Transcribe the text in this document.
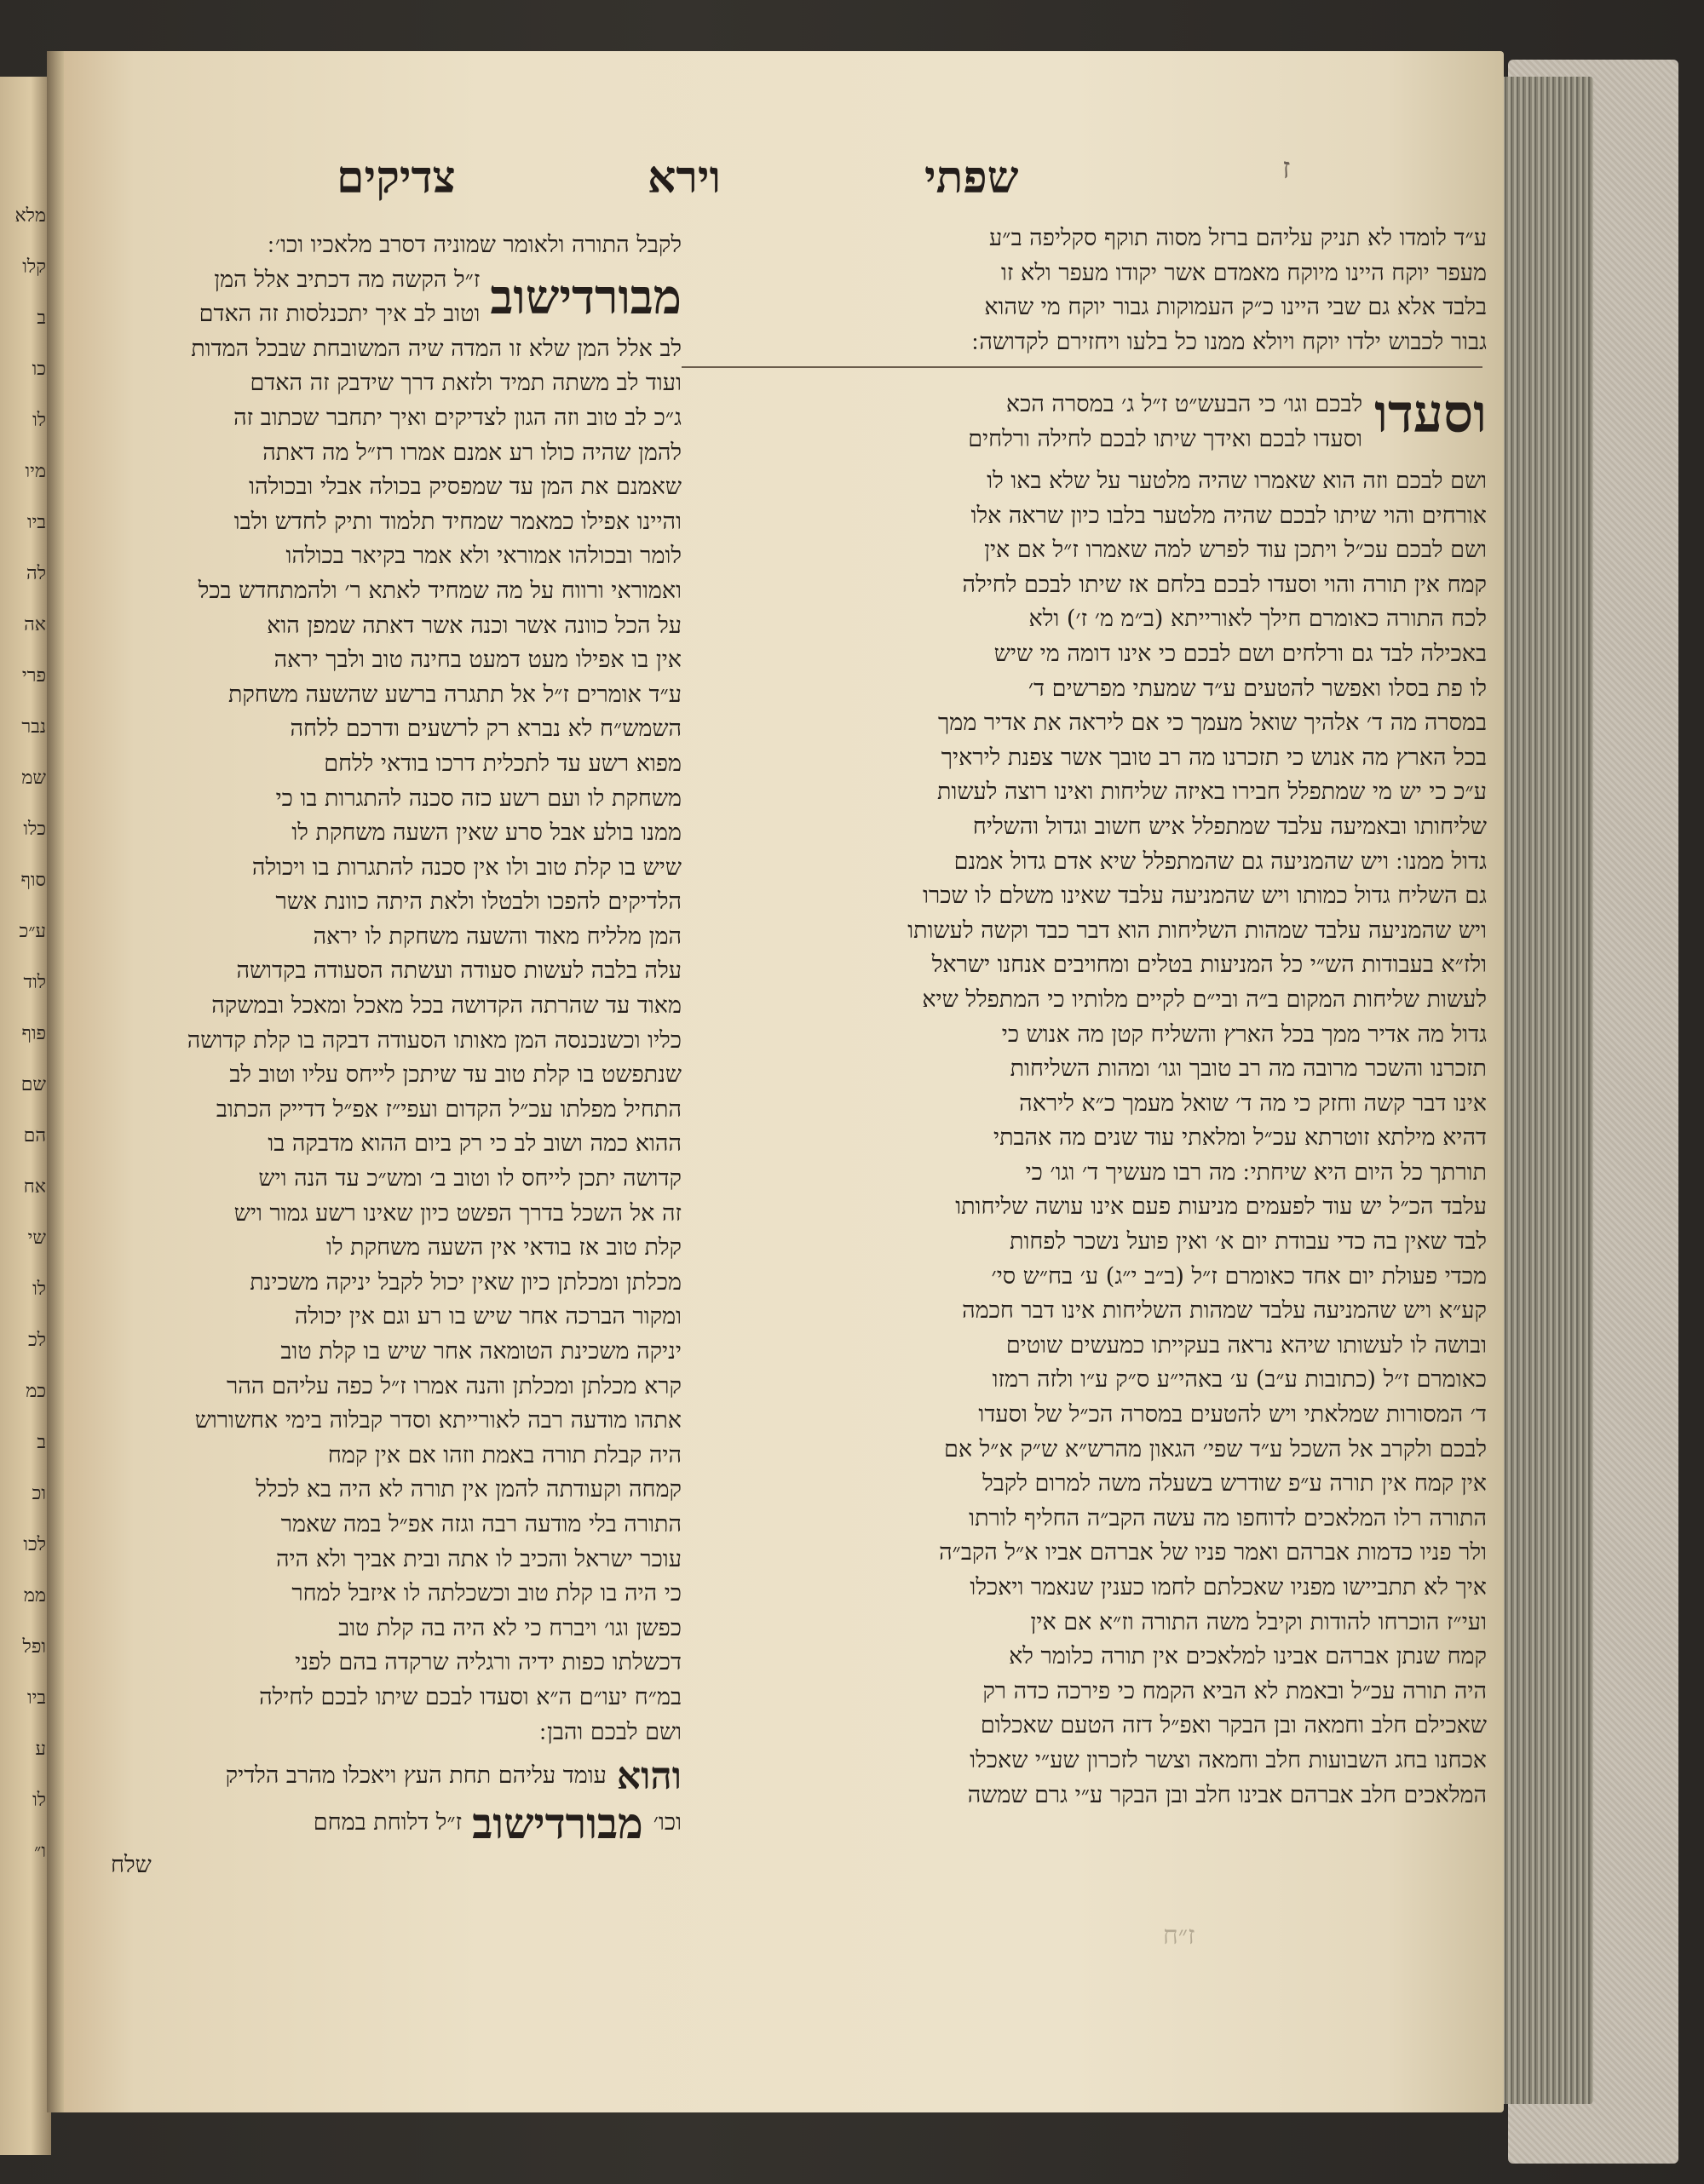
מלא
קלו
ב
כו
לו
מיו
ביו
לה
אה
פרי
נבר
שמ
כלו
סוף
ע״כ
לוד
פוף
שם
הם
אח
שי
לו
לכ
כמ
ב
וכ
לכו
ממ
ופל
ביו
ע
לו
ו״
ז
צדיקים	וירא	שפתי
ע״ד לומדו לא תניק עליהם ברזל מסוה תוקף סקליפה ב״ע
מעפר יוקח היינו מיוקח מאמדם אשר יקודו מעפר ולא זו
בלבד אלא גם שבי היינו כ״ק העמוקות גבור יוקח מי שהוא
גבור לכבוש ילדו יוקח ויולא ממנו כל בלעו ויחזירם לקדושה ׃
וסעדו
לבכם וגו׳ כי הבעש״ט ז״ל ג׳ במסרה הכא
וסעדו לבכם ואידך שיתו לבכם לחילה ורלחים
ושם לבכם וזה הוא שאמרו שהיה מלטער על שלא באו לו
אורחים והוי שיתו לבכם שהיה מלטער בלבו כיון שראה אלו
ושם לבכם עכ״ל ויתכן עוד לפרש למה שאמרו ז״ל אם אין
קמח אין תורה והוי וסעדו לבכם בלחם אז שיתו לבכם לחילה
לכח התורה כאומרם חילך לאורייתא (ב״מ מ׳ ז׳) ולא
באכילה לבד גם ורלחים ושם לבכם כי אינו דומה מי שיש
לו פת בסלו ואפשר להטעים ע״ד שמעתי מפרשים ד׳
במסרה מה ד׳ אלהיך שואל מעמך כי אם ליראה את אדיר ממך
בכל הארץ מה אנוש כי תזכרנו מה רב טובך אשר צפנת ליראיך
ע״כ כי יש מי שמתפלל חבירו באיזה שליחות ואינו רוצה לעשות
שליחותו ובאמיעה עלבד שמתפלל איש חשוב וגדול והשליח
גדול ממנו ׃ ויש שהמניעה גם שהמתפלל שיא אדם גדול אמנם
גם השליח גדול כמותו ויש שהמניעה עלבד שאינו משלם לו שכרו
ויש שהמניעה עלבד שמהות השליחות הוא דבר כבד וקשה לעשותו
ולז״א בעבודות הש״י כל המניעות בטלים ומחויבים אנחנו ישראל
לעשות שליחות המקום ב״ה ובי״ם לקיים מלותיו כי המתפלל שיא
גדול מה אדיר ממך בכל הארץ והשליח קטן מה אנוש כי
תזכרנו והשכר מרובה מה רב טובך וגו׳ ומהות השליחות
אינו דבר קשה וחזק כי מה ד׳ שואל מעמך כ״א ליראה
דהיא מילתא זוטרתא עכ״ל ומלאתי עוד שנים מה אהבתי
תורתך כל היום היא שיחתי ׃ מה רבו מעשיך ד׳ וגו׳ כי
עלבד הכ״ל יש עוד לפעמים מניעות פעם אינו עושה שליחותו
לבד שאין בה כדי עבודת יום א׳ ואין פועל נשכר לפחות
מכדי פעולת יום אחד כאומרם ז״ל (ב״ב י״ג) ע׳ בח״ש סי׳
קע״א ויש שהמניעה עלבד שמהות השליחות אינו דבר חכמה
ובושה לו לעשותו שיהא נראה בעקייתו כמעשים שוטים
כאומרם ז״ל (כתובות ע״ב) ע׳ באהי״ע ס״ק ע״ו ולזה רמזו
ד׳ המסורות שמלאתי ויש להטעים במסרה הכ״ל של וסעדו
לבכם ולקרב אל השכל ע״ד שפי׳ הגאון מהרש״א ש״ק א״ל אם
אין קמח אין תורה ע״פ שודרש בשעלה משה למרום לקבל
התורה רלו המלאכים לדוחפו מה עשה הקב״ה החליף לורתו
ולר פניו כדמות אברהם ואמר פניו של אברהם אביו א״ל הקב״ה
איך לא תתביישו מפניו שאכלתם לחמו כענין שנאמר ויאכלו
ועי״ז הוכרחו להודות וקיבל משה התורה וז״א אם אין
קמח שנתן אברהם אבינו למלאכים אין תורה כלומר לא
היה תורה עכ״ל ובאמת לא הביא הקמח כי פירכה כדה רק
שאכילם חלב וחמאה ובן הבקר ואפ״ל דזה הטעם שאכלום
אכחנו בחג השבועות חלב וחמאה וצשר לזכרון שע״י שאכלו
המלאכים חלב אברהם אבינו חלב ובן הבקר ע״י גרם שמשה
לקבל התורה ולאומר שמוניה דסרב מלאכיו וכו׳ ׃
מבורדישוב
ז״ל הקשה מה דכתיב אלל המן
וטוב לב איך יתכנלסות זה האדם
לב אלל המן שלא זו המדה שיה המשובחת שבכל המדות
ועוד לב משתה תמיד ולזאת דרך שידבק זה האדם
ג״כ לב טוב וזה הגון לצדיקים ואיך יתחבר שכתוב זה
להמן שהיה כולו רע אמנם אמרו רז״ל מה דאתה
שאמנם את המן עד שמפסיק בכולה אבלי ובכולהו
והיינו אפילו כמאמר שמחיד תלמוד ותיק לחדש ולבו
לומר ובכולהו אמוראי ולא אמר בקיאר בכולהו
ואמוראי ורווח על מה שמחיד לאתא ר׳ ולהמתחדש בכל
על הכל כוונה אשר וכנה אשר דאתה שמפן הוא
אין בו אפילו מעט דמעט בחינה טוב ולבך יראה
ע״ד אומרים ז״ל אל תתגרה ברשע שהשעה משחקת
השמש״ח לא נברא רק לרשעים ודרכם ללחה
מפוא רשע עד לתכלית דרכו בודאי ללחם
משחקת לו ועם רשע כזה סכנה להתגרות בו כי
ממנו בולע אבל סרע שאין השעה משחקת לו
שיש בו קלת טוב ולו אין סכנה להתגרות בו ויכולה
הלדיקים להפכו ולבטלו ולאת היתה כוונת אשר
המן מלליח מאוד והשעה משחקת לו יראה
עלה בלבה לעשות סעודה ועשתה הסעודה בקדושה
מאוד עד שהרתה הקדושה בכל מאכל ומאכל ובמשקה
כליו וכשנכנסה המן מאותו הסעודה דבקה בו קלת קדושה
שנתפשט בו קלת טוב עד שיתכן לייחס עליו וטוב לב
התחיל מפלתו עכ״ל הקדום ועפי״ז אפ״ל דדייק הכתוב
ההוא כמה ושוב לב כי רק ביום ההוא מדבקה בו
קדושה יתכן לייחס לו וטוב ב׳ ומש״כ עד הנה ויש
זה אל השכל בדרך הפשט כיון שאינו רשע גמור ויש
קלת טוב אז בודאי אין השעה משחקת לו
מכלתן ומכלתן כיון שאין יכול לקבל יניקה משכינת
ומקור הברכה אחר שיש בו רע וגם אין יכולה
יניקה משכינת הטומאה אחר שיש בו קלת טוב
קרא מכלתן ומכלתן והנה אמרו ז״ל כפה עליהם ההר
אתהו מודעה רבה לאורייתא וסדר קבלוה בימי אחשורוש
היה קבלת תורה באמת וזהו אם אין קמח
קמחה וקעודתה להמן אין תורה לא היה בא לכלל
התורה בלי מודעה רבה וגזה אפ״ל במה שאמר
עוכר ישראל והכיב לו אתה ובית אביך ולא היה
כי היה בו קלת טוב וכשכלתה לו איזבל למחר
כפשן וגו׳ ויברח כי לא היה בה קלת טוב
דכשלתו כפות ידיה ורגליה שרקדה בהם לפני
במ״ח יעו״ם ה״א וסעדו לבכם שיתו לבכם לחילה
ושם לבכם והבן ׃
והוא
עומד עליהם תחת העץ ויאכלו מהרב הלדיק
וכו׳
מבורדישוב
ז״ל דלוחת במחם
שלח
ז״ח
